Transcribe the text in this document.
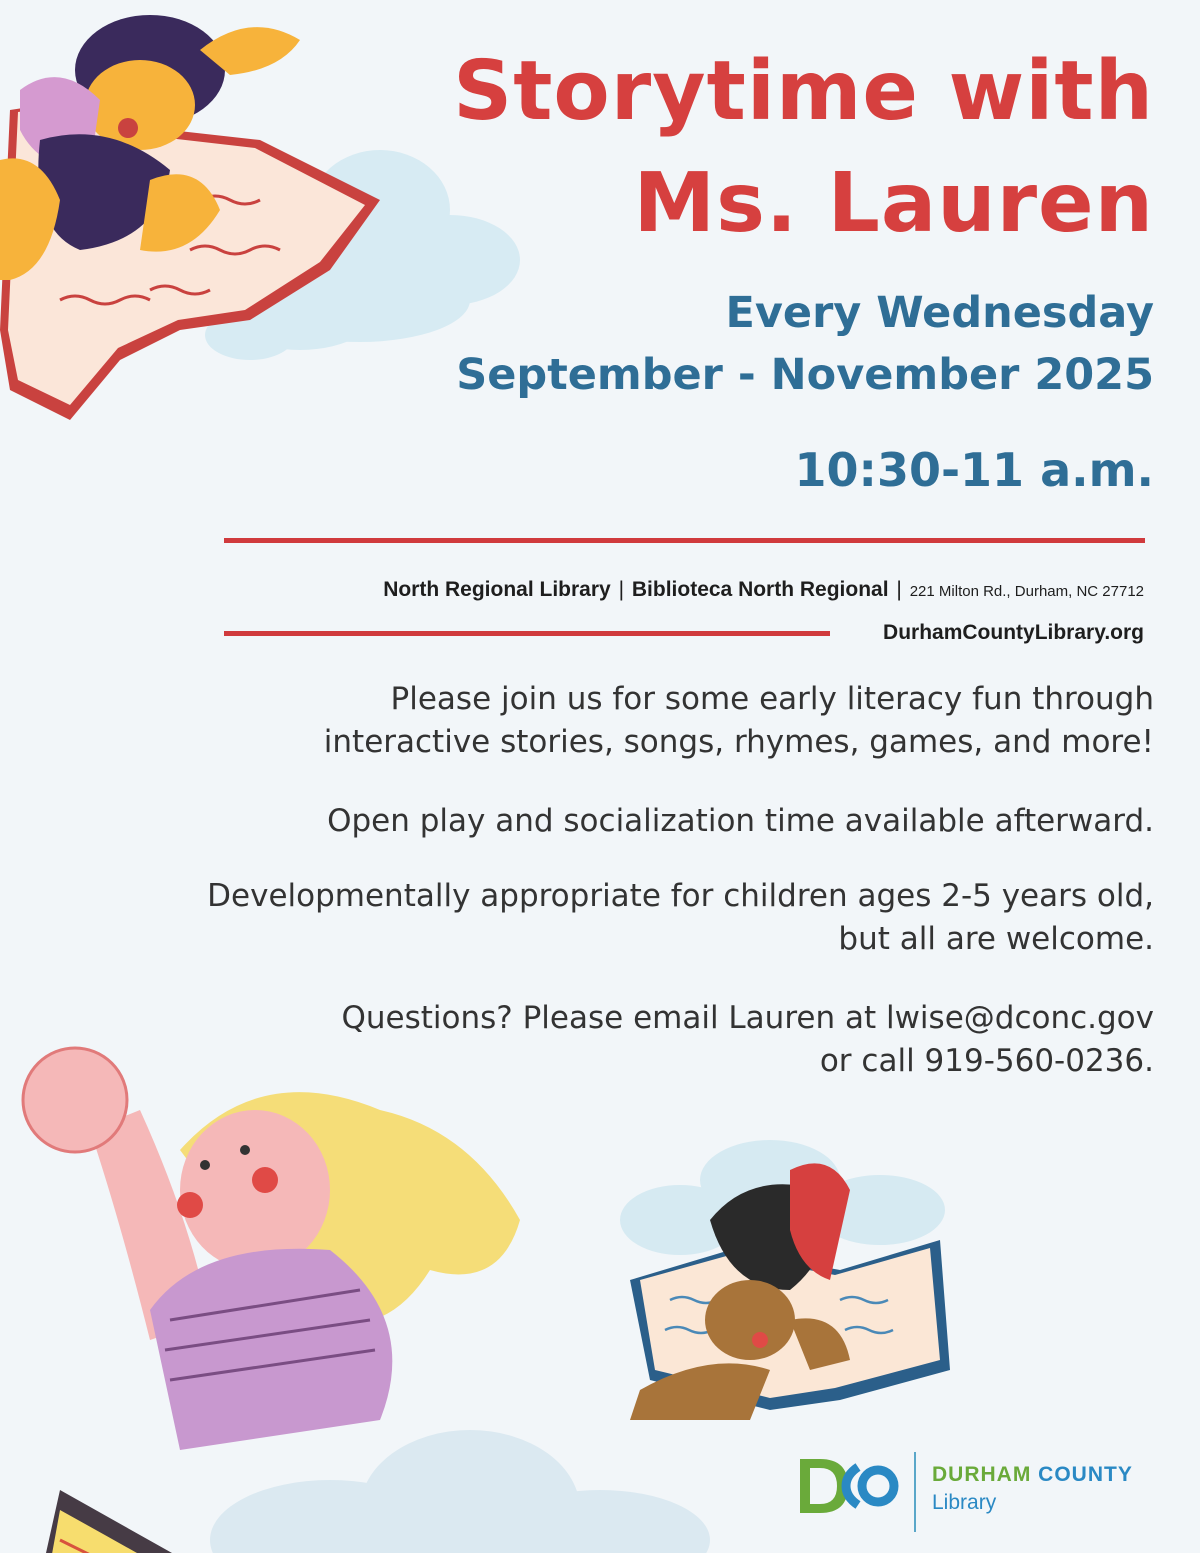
Storytime with
Ms. Lauren
Every Wednesday
September - November 2025
10:30-11 a.m.
North Regional Library | Biblioteca North Regional | 221 Milton Rd., Durham, NC 27712
DurhamCountyLibrary.org
Please join us for some early literacy fun through
interactive stories, songs, rhymes, games, and more!
Open play and socialization time available afterward.
Developmentally appropriate for children ages 2-5 years old,
but all are welcome.
Questions? Please email Lauren at lwise@dconc.gov
or call 919-560-0236.
DURHAM COUNTY
Library
